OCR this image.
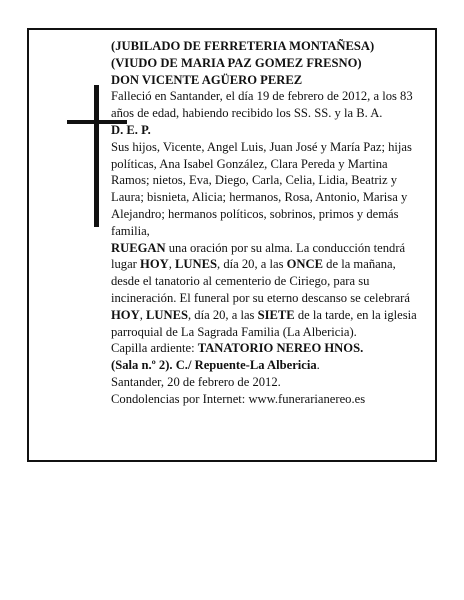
(JUBILADO DE FERRETERIA MONTAÑESA)

(VIUDO DE MARIA PAZ GOMEZ FRESNO)

DON VICENTE AGÜERO PEREZ

Falleció en Santander, el día 19 de febrero de 2012, a los 83 años de edad, habiendo recibido los SS. SS. y la B. A.

D. E. P.

Sus hijos, Vicente, Angel Luis, Juan José y María Paz; hijas políticas, Ana Isabel González, Clara Pereda y Martina Ramos; nietos, Eva, Diego, Carla, Celia, Lidia, Beatriz y Laura; bisnieta, Alicia; hermanos, Rosa, Antonio, Marisa y Alejandro; hermanos políticos, sobrinos, primos y demás familia,

RUEGAN una oración por su alma. La conducción tendrá lugar HOY, LUNES, día 20, a las ONCE de la mañana, desde el tanatorio al cementerio de Ciriego, para su incineración. El funeral por su eterno descanso se celebrará HOY, LUNES, día 20, a las SIETE de la tarde, en la iglesia parroquial de La Sagrada Familia (La Albericia).

Capilla ardiente: TANATORIO NEREO HNOS.

(Sala n.º 2). C./ Repuente-La Albericia.

Santander, 20 de febrero de 2012.

Condolencias por Internet: www.funerarianereo.es
